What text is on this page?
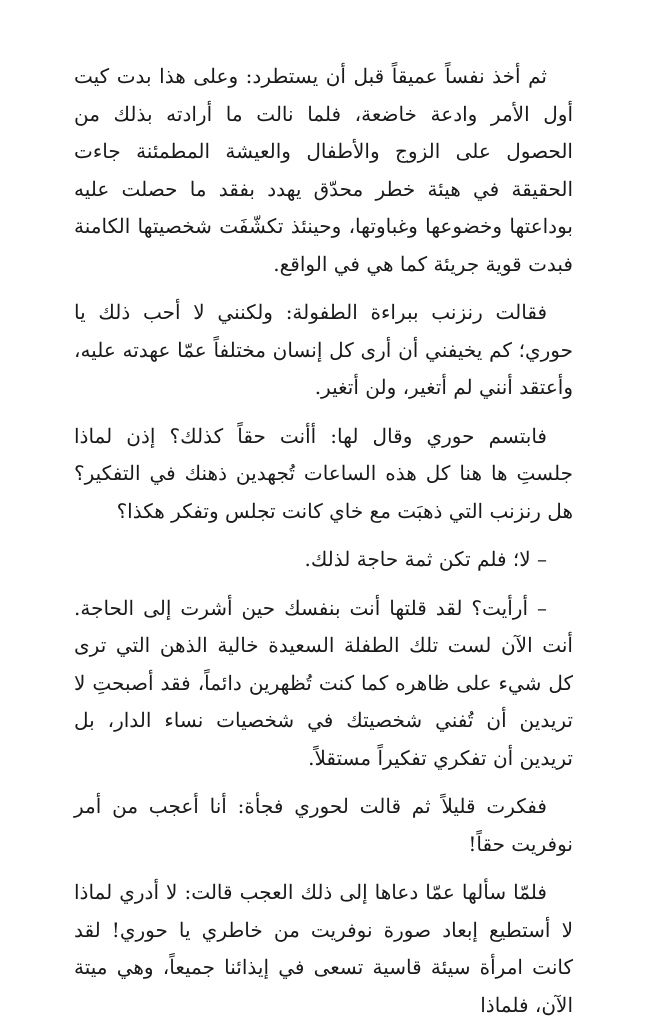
ثم أخذ نفساً عميقاً قبل أن يستطرد: وعلى هذا بدت كيت أول الأمر وادعة خاضعة، فلما نالت ما أرادته بذلك من الحصول على الزوج والأطفال والعيشة المطمئنة جاءت الحقيقة في هيئة خطر محدّق يهدد بفقد ما حصلت عليه بوداعتها وخضوعها وغباوتها، وحينئذ تكشّفَت شخصيتها الكامنة فبدت قوية جريئة كما هي في الواقع.

فقالت رنزنب ببراءة الطفولة: ولكنني لا أحب ذلك يا حوري؛ كم يخيفني أن أرى كل إنسان مختلفاً عمّا عهدته عليه، وأعتقد أنني لم أتغير، ولن أتغير.

فابتسم حوري وقال لها: أأنت حقاً كذلك؟ إذن لماذا جلستِ ها هنا كل هذه الساعات تُجهدين ذهنك في التفكير؟ هل رنزنب التي ذهبَت مع خاي كانت تجلس وتفكر هكذا؟

– لا؛ فلم تكن ثمة حاجة لذلك.

– أرأيت؟ لقد قلتها أنت بنفسك حين أشرت إلى الحاجة. أنت الآن لست تلك الطفلة السعيدة خالية الذهن التي ترى كل شيء على ظاهره كما كنت تُظهرين دائماً، فقد أصبحتِ لا تريدين أن تُفني شخصيتك في شخصيات نساء الدار، بل تريدين أن تفكري تفكيراً مستقلاً.

ففكرت قليلاً ثم قالت لحوري فجأة: أنا أعجب من أمر نوفريت حقاً!

فلمّا سألها عمّا دعاها إلى ذلك العجب قالت: لا أدري لماذا لا أستطيع إبعاد صورة نوفريت من خاطري يا حوري! لقد كانت امرأة سيئة قاسية تسعى في إيذائنا جميعاً، وهي ميتة الآن، فلماذا
